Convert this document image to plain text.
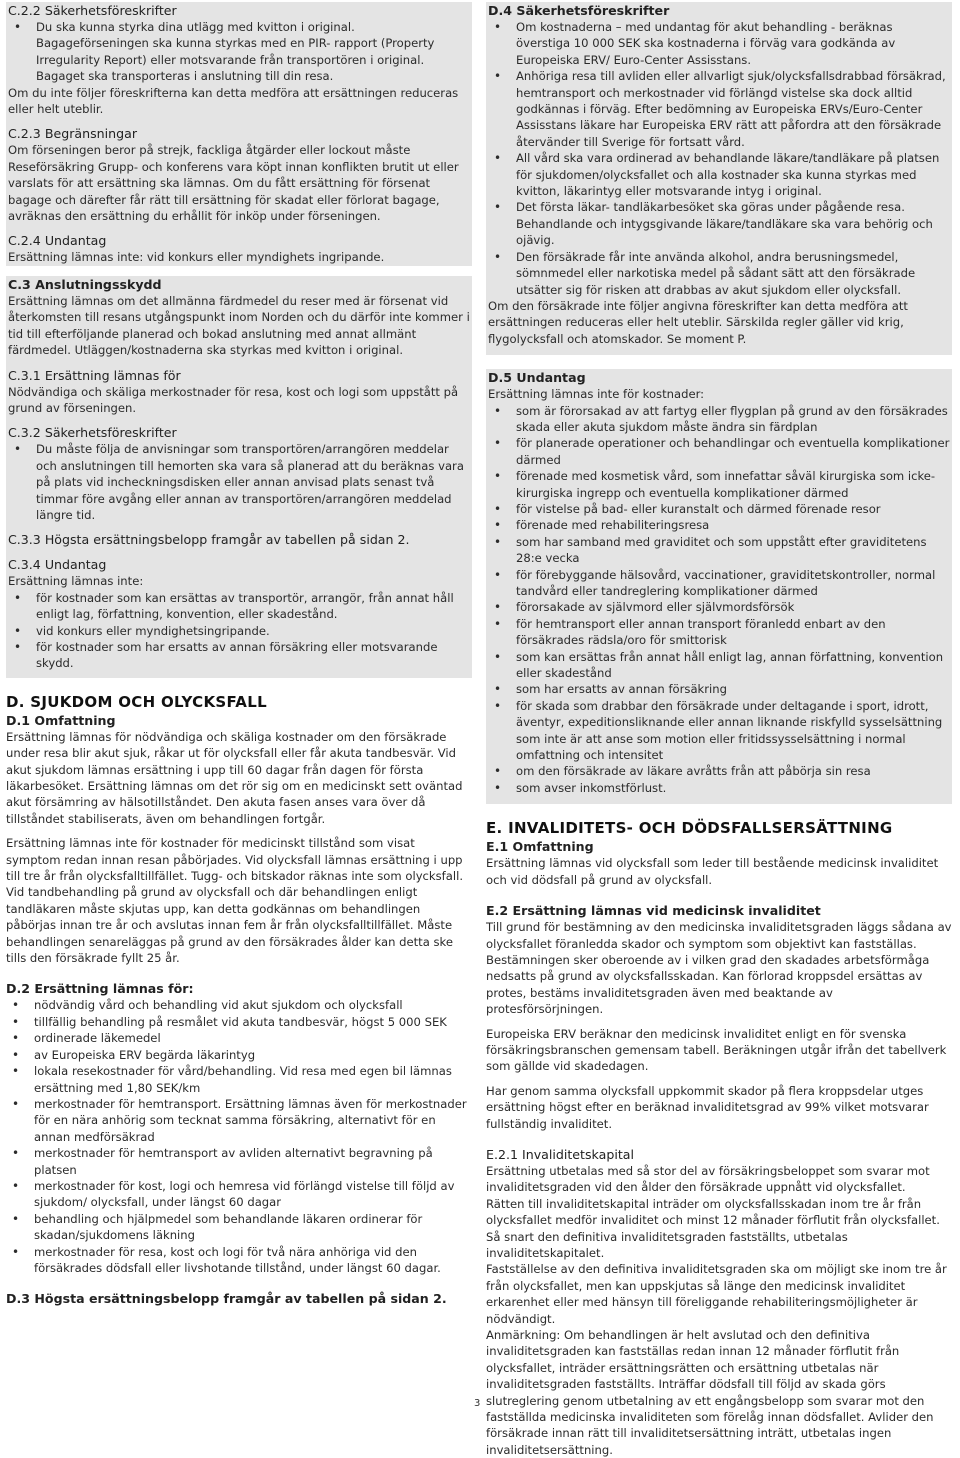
C.2.2 Säkerhetsföreskrifter
• Du ska kunna styrka dina utlägg med kvitton i original. Bagageförseningen ska kunna styrkas med en PIR- rapport (Property Irregularity Report) eller motsvarande från transportören i original. Bagaget ska transporteras i anslutning till din resa.

Om du inte följer föreskrifterna kan detta medföra att ersättningen reduceras eller helt uteblir.

C.2.3 Begränsningar

Om förseningen beror på strejk, fackliga åtgärder eller lockout måste Reseförsäkring Grupp- och konferens vara köpt innan konflikten brutit ut eller varslats för att ersättning ska lämnas. Om du fått ersättning för försenat bagage och därefter får rätt till ersättning för skadat eller förlorat bagage, avräknas den ersättning du erhållit för inköp under förseningen.

C.2.4 Undantag

Ersättning lämnas inte: vid konkurs eller myndighets ingripande.

C.3 Anslutningsskydd

Ersättning lämnas om det allmänna färdmedel du reser med är försenat vid återkomsten till resans utgångspunkt inom Norden och du därför inte kommer i tid till efterföljande planerad och bokad anslutning med annat allmänt färdmedel. Utläggen/kostnaderna ska styrkas med kvitton i original.

C.3.1 Ersättning lämnas för

Nödvändiga och skäliga merkostnader för resa, kost och logi som uppstått på grund av förseningen.

C.3.2 Säkerhetsföreskrifter
• Du måste följa de anvisningar som transportören/arrangören meddelar och anslutningen till hemorten ska vara så planerad att du beräknas vara på plats vid incheckningsdisken eller annan anvisad plats senast två timmar före avgång eller annan av transportören/arrangören meddelad längre tid.
C.3.3 Högsta ersättningsbelopp framgår av tabellen på sidan 2.
C.3.4 Undantag

Ersättning lämnas inte:

• för kostnader som kan ersättas av transportör, arrangör, från annat håll enligt lag, författning, konvention, eller skadestånd.
• vid konkurs eller myndighetsingripande.
• för kostnader som har ersatts av annan försäkring eller motsvarande skydd.
D. SJUKDOM OCH OLYCKSFALL
D.1 Omfattning

Ersättning lämnas för nödvändiga och skäliga kostnader om den försäkrade under resa blir akut sjuk, råkar ut för olycksfall eller får akuta tandbesvär. Vid akut sjukdom lämnas ersättning i upp till 60 dagar från dagen för första läkarbesöket. Ersättning lämnas om det rör sig om en medicinskt sett oväntad akut försämring av hälsotillståndet. Den akuta fasen anses vara över då tillståndet stabiliserats, även om behandlingen fortgår.

Ersättning lämnas inte för kostnader för medicinskt tillstånd som visat symptom redan innan resan påbörjades. Vid olycksfall lämnas ersättning i upp till tre år från olycksfalltillfället. Tugg- och bitskador räknas inte som olycksfall. Vid tandbehandling på grund av olycksfall och där behandlingen enligt tandläkaren måste skjutas upp, kan detta godkännas om behandlingen påbörjas innan tre år och avslutas innan fem år från olycksfalltillfället. Måste behandlingen senareläggas på grund av den försäkrades ålder kan detta ske tills den försäkrade fyllt 25 år.

D.2 Ersättning lämnas för:
• nödvändig vård och behandling vid akut sjukdom och olycksfall
• tillfällig behandling på resmålet vid akuta tandbesvär, högst 5 000 SEK
• ordinerade läkemedel
• av Europeiska ERV begärda läkarintyg
• lokala resekostnader för vård/behandling. Vid resa med egen bil lämnas ersättning med 1,80 SEK/km
• merkostnader för hemtransport. Ersättning lämnas även för merkostnader för en nära anhörig som tecknat samma försäkring, alternativt för en annan medförsäkrad
• merkostnader för hemtransport av avliden alternativt begravning på platsen
• merkostnader för kost, logi och hemresa vid förlängd vistelse till följd av sjukdom/ olycksfall, under längst 60 dagar
• behandling och hjälpmedel som behandlande läkaren ordinerar för skadan/sjukdomens läkning
• merkostnader för resa, kost och logi för två nära anhöriga vid den försäkrades dödsfall eller livshotande tillstånd, under längst 60 dagar.
D.3 Högsta ersättningsbelopp framgår av tabellen på sidan 2.
D.4 Säkerhetsföreskrifter
• Om kostnaderna – med undantag för akut behandling - beräknas överstiga 10 000 SEK ska kostnaderna i förväg vara godkända av Europeiska ERV/ Euro-Center Assisstans.
• Anhöriga resa till avliden eller allvarligt sjuk/olycksfallsdrabbad försäkrad, hemtransport och merkostnader vid förlängd vistelse ska dock alltid godkännas i förväg. Efter bedömning av Europeiska ERVs/Euro-Center Assisstans läkare har Europeiska ERV rätt att påfordra att den försäkrade återvänder till Sverige för fortsatt vård.
• All vård ska vara ordinerad av behandlande läkare/tandläkare på platsen för sjukdomen/olycksfallet och alla kostnader ska kunna styrkas med kvitton, läkarintyg eller motsvarande intyg i original.
• Det första läkar- tandläkarbesöket ska göras under pågående resa. Behandlande och intygsgivande läkare/tandläkare ska vara behörig och ojävig.
• Den försäkrade får inte använda alkohol, andra berusningsmedel, sömnmedel eller narkotiska medel på sådant sätt att den försäkrade utsätter sig för risken att drabbas av akut sjukdom eller olycksfall.

Om den försäkrade inte följer angivna föreskrifter kan detta medföra att ersättningen reduceras eller helt uteblir. Särskilda regler gäller vid krig, flygolycksfall och atomskador. Se moment P.

D.5 Undantag

Ersättning lämnas inte för kostnader:

• som är förorsakad av att fartyg eller flygplan på grund av den försäkrades skada eller akuta sjukdom måste ändra sin färdplan
• för planerade operationer och behandlingar och eventuella komplikationer därmed
• förenade med kosmetisk vård, som innefattar såväl kirurgiska som icke-kirurgiska ingrepp och eventuella komplikationer därmed
• för vistelse på bad- eller kuranstalt och därmed förenade resor
• förenade med rehabiliteringsresa
• som har samband med graviditet och som uppstått efter graviditetens 28:e vecka
• för förebyggande hälsovård, vaccinationer, graviditetskontroller, normal tandvård eller tandreglering komplikationer därmed
• förorsakade av självmord eller självmordsförsök
• för hemtransport eller annan transport föranledd enbart av den försäkrades rädsla/oro för smittorisk
• som kan ersättas från annat håll enligt lag, annan författning, konvention eller skadestånd
• som har ersatts av annan försäkring
• för skada som drabbar den försäkrade under deltagande i sport, idrott, äventyr, expeditionsliknande eller annan liknande riskfylld sysselsättning som inte är att anse som motion eller fritidssysselsättning i normal omfattning och intensitet
• om den försäkrade av läkare avråtts från att påbörja sin resa
• som avser inkomstförlust.
E. INVALIDITETS- OCH DÖDSFALLSERSÄTTNING
E.1 Omfattning

Ersättning lämnas vid olycksfall som leder till bestående medicinsk invaliditet och vid dödsfall på grund av olycksfall.

E.2 Ersättning lämnas vid medicinsk invaliditet

Till grund för bestämning av den medicinska invaliditetsgraden läggs sådana av olycksfallet föranledda skador och symptom som objektivt kan fastställas. Bestämningen sker oberoende av i vilken grad den skadades arbetsförmåga nedsatts på grund av olycksfallsskadan. Kan förlorad kroppsdel ersättas av protes, bestäms invaliditetsgraden även med beaktande av protesförsörjningen.

Europeiska ERV beräknar den medicinsk invaliditet enligt en för svenska försäkringsbranschen gemensam tabell. Beräkningen utgår ifrån det tabellverk som gällde vid skadedagen.

Har genom samma olycksfall uppkommit skador på flera kroppsdelar utges ersättning högst efter en beräknad invaliditetsgrad av 99% vilket motsvarar fullständig invaliditet.

E.2.1 Invaliditetskapital

Ersättning utbetalas med så stor del av försäkringsbeloppet som svarar mot invaliditetsgraden vid den ålder den försäkrade uppnått vid olycksfallet.

Rätten till invaliditetskapital inträder om olycksfallsskadan inom tre år från olycksfallet medför invaliditet och minst 12 månader förflutit från olycksfallet. Så snart den definitiva invaliditetsgraden fastställts, utbetalas invaliditetskapitalet.

Fastställelse av den definitiva invaliditetsgraden ska om möjligt ske inom tre år från olycksfallet, men kan uppskjutas så länge den medicinsk invaliditet erkarenhet eller med hänsyn till föreliggande rehabiliteringsmöjligheter är nödvändigt.

Anmärkning: Om behandlingen är helt avslutad och den definitiva invaliditetsgraden kan fastställas redan innan 12 månader förflutit från olycksfallet, inträder ersättningsrätten och ersättning utbetalas när invaliditetsgraden fastställts. Inträffar dödsfall till följd av skada görs slutreglering genom utbetalning av ett engångsbelopp som svarar mot den fastställda medicinska invaliditeten som förelåg innan dödsfallet. Avlider den försäkrade innan rätt till invaliditetsersättning inträtt, utbetalas ingen invaliditetsersättning.

3
